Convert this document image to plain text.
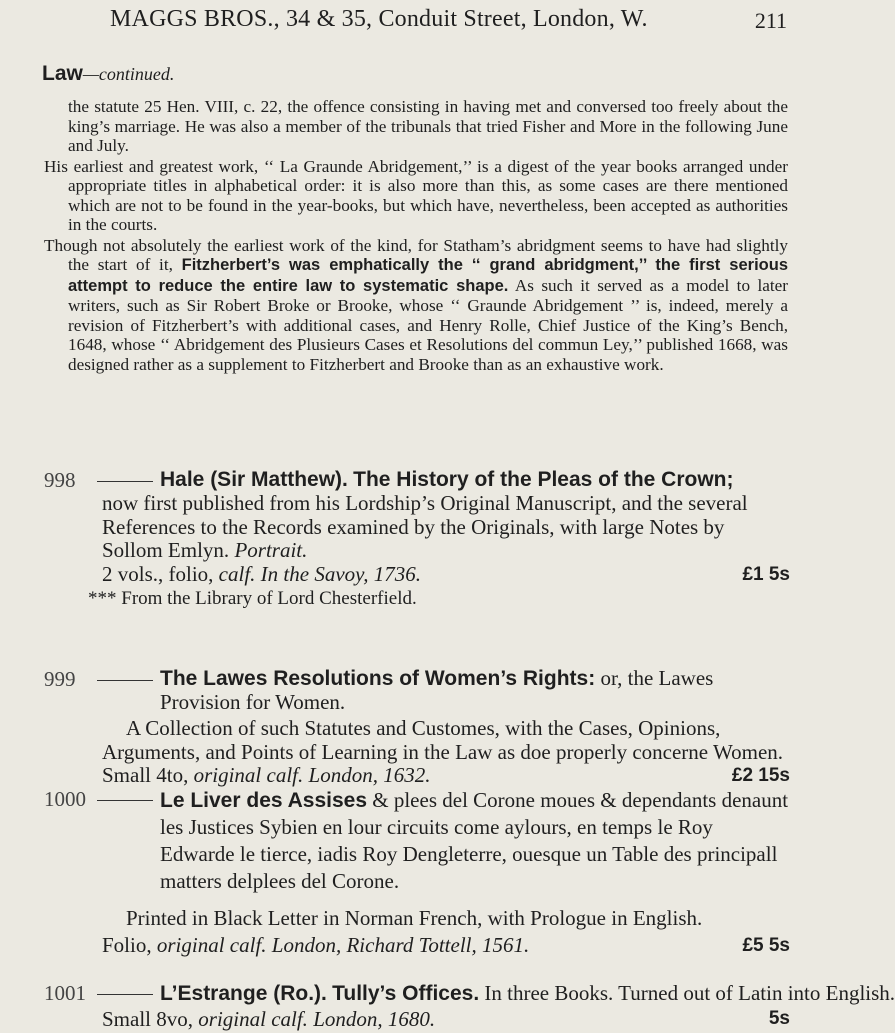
MAGGS BROS., 34 & 35, Conduit Street, London, W.	211
Law—continued.

the statute 25 Hen. VIII, c. 22, the offence consisting in having met and conversed too freely about the king’s marriage. He was also a member of the tribunals that tried Fisher and More in the following June and July.

His earliest and greatest work, ‘‘ La Graunde Abridgement,’’ is a digest of the year books arranged under appropriate titles in alphabetical order: it is also more than this, as some cases are there mentioned which are not to be found in the year-books, but which have, nevertheless, been accepted as authorities in the courts.

Though not absolutely the earliest work of the kind, for Statham’s abridgment seems to have had slightly the start of it, Fitzherbert’s was emphatically the ‘‘ grand abridgment,’’ the first serious attempt to reduce the entire law to systematic shape. As such it served as a model to later writers, such as Sir Robert Broke or Brooke, whose ‘‘ Graunde Abridgement ’’ is, indeed, merely a revision of Fitzherbert’s with additional cases, and Henry Rolle, Chief Justice of the King’s Bench, 1648, whose ‘‘ Abridgement des Plusieurs Cases et Resolutions del commun Ley,’’ published 1668, was designed rather as a supplement to Fitzherbert and Brooke than as an exhaustive work.

998	Hale (Sir Matthew). The History of the Pleas of the Crown;

now first published from his Lordship’s Original Manuscript, and the several References to the Records examined by the Originals, with large Notes by Sollom Emlyn. Portrait.

2 vols., folio, calf. In the Savoy, 1736.	£1 5s
*** From the Library of Lord Chesterfield.
999	The Lawes Resolutions of Women’s Rights: or, the Lawes Provision for Women.

A Collection of such Statutes and Customes, with the Cases, Opinions, Arguments, and Points of Learning in the Law as doe properly concerne Women.

Small 4to, original calf. London, 1632.	£2 15s
1000	Le Liver des Assises & plees del Corone moues & dependants denaunt les Justices Sybien en lour circuits come aylours, en temps le Roy Edwarde le tierce, iadis Roy Dengleterre, ouesque un Table des principall matters delplees del Corone.

Printed in Black Letter in Norman French, with Prologue in English.

Folio, original calf. London, Richard Tottell, 1561.	£5 5s
1001	L’Estrange (Ro.). Tully’s Offices. In three Books. Turned out of Latin into English.

Small 8vo, original calf. London, 1680.	5s
